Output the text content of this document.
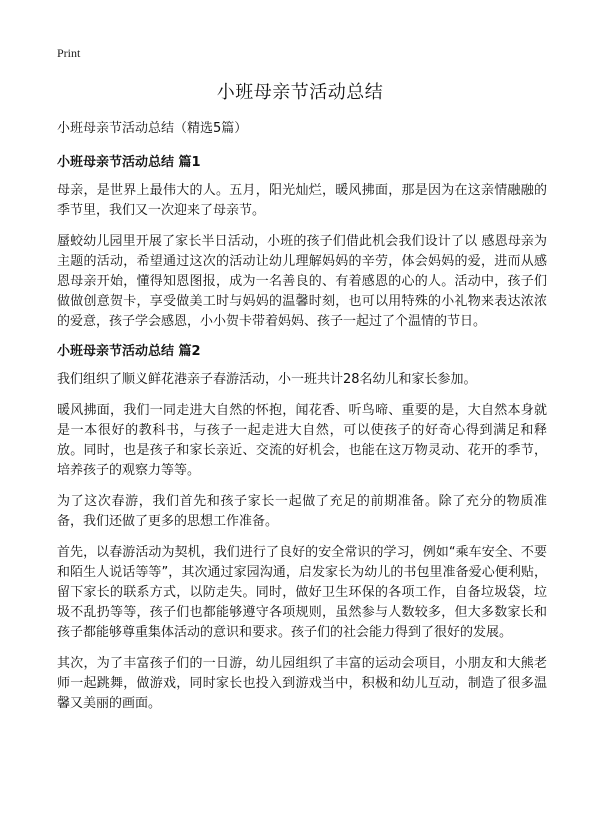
Print

小班母亲节活动总结

小班母亲节活动总结（精选5篇）

小班母亲节活动总结 篇1

母亲，是世界上最伟大的人。五月，阳光灿烂，暖风拂面，那是因为在这亲情融融的季节里，我们又一次迎来了母亲节。

蜃蛟幼儿园里开展了家长半日活动，小班的孩子们借此机会我们设计了以 感恩母亲为主题的活动，希望通过这次的活动让幼儿理解妈妈的辛劳，体会妈妈的爱，进而从感恩母亲开始，懂得知恩图报，成为一名善良的、有着感恩的心的人。活动中，孩子们做做创意贺卡，享受做美工时与妈妈的温馨时刻，也可以用特殊的小礼物来表达浓浓的爱意，孩子学会感恩，小小贺卡带着妈妈、孩子一起过了个温情的节日。

小班母亲节活动总结 篇2

我们组织了顺义鲜花港亲子春游活动，小一班共计28名幼儿和家长参加。

暖风拂面，我们一同走进大自然的怀抱，闻花香、听鸟啼、重要的是，大自然本身就是一本很好的教科书，与孩子一起走进大自然，可以使孩子的好奇心得到满足和释放。同时，也是孩子和家长亲近、交流的好机会，也能在这万物灵动、花开的季节，培养孩子的观察力等等。

为了这次春游，我们首先和孩子家长一起做了充足的前期准备。除了充分的物质准备，我们还做了更多的思想工作准备。

首先，以春游活动为契机，我们进行了良好的安全常识的学习，例如“乘车安全、不要和陌生人说话等等”，其次通过家园沟通，启发家长为幼儿的书包里准备爱心便利贴，留下家长的联系方式，以防走失。同时，做好卫生环保的各项工作，自备垃圾袋，垃圾不乱扔等等，孩子们也都能够遵守各项规则，虽然参与人数较多，但大多数家长和孩子都能够尊重集体活动的意识和要求。孩子们的社会能力得到了很好的发展。

其次，为了丰富孩子们的一日游，幼儿园组织了丰富的运动会项目，小朋友和大熊老师一起跳舞，做游戏，同时家长也投入到游戏当中，积极和幼儿互动，制造了很多温馨又美丽的画面。
